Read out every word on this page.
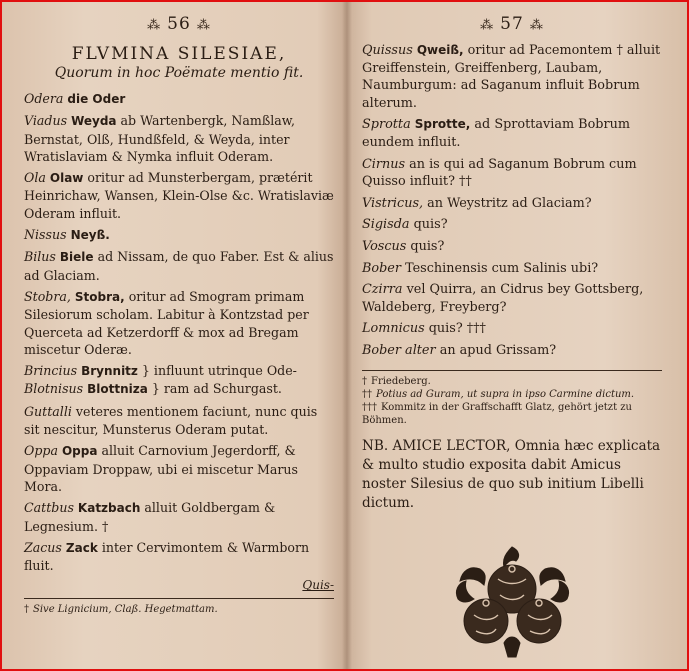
⁂ 56 ⁂
FLVMINA SILESIAE,
Quorum in hoc Poëmate mentio fit.
Odera die Oder
Viadus Weyda ab Wartenbergk, Namßlaw, Bernstat, Olß, Hundßfeld, & Weyda, inter Wratislaviam & Nymka influit Oderam.
Ola Olaw oritur ad Munsterbergam, prætérit Heinrichaw, Wansen, Klein-Olse &c. Wratislaviæ Oderam influit.
Nissus Neyß.
Bilus Biele ad Nissam, de quo Faber. Est & alius ad Glaciam.
Stobra, Stobra, oritur ad Smogram primam Silesiorum scholam. Labitur à Kontzstad per Querceta ad Ketzerdorff & mox ad Bregam miscetur Oderæ.
Brincius Brynnitz } influunt utrinque Ode-
Blotnisus Blottniza } ram ad Schurgast.
Guttalli veteres mentionem faciunt, nunc quis sit nescitur, Munsterus Oderam putat.
Oppa Oppa alluit Carnovium Jegerdorff, & Oppaviam Droppaw, ubi ei miscetur Marus Mora.
Cattbus Katzbach alluit Goldbergam & Legnesium. †
Zacus Zack inter Cervimontem & Warmborn fluit.
Quis-
† Sive Lignicium, Claß. Hegetmattam.
⁂ 57 ⁂
Quissus Qweiß, oritur ad Pacemontem † alluit Greiffenstein, Greiffenberg, Laubam, Naumburgum: ad Saganum influit Bobrum alterum.
Sprotta Sprotte, ad Sprottaviam Bobrum eundem influit.
Cirnus an is qui ad Saganum Bobrum cum Quisso influit? ††
Vistricus, an Weystritz ad Glaciam?
Sigisda quis?
Voscus quis?
Bober Teschinensis cum Salinis ubi?
Czirra vel Quirra, an Cidrus bey Gottsberg, Waldeberg, Freyberg?
Lomnicus quis? †††
Bober alter an apud Grissam?
† Friedeberg.
†† Potius ad Guram, ut supra in ipso Carmine dictum.
††† Kommitz in der Graffschafft Glatz, gehört jetzt zu Böhmen.
NB. AMICE LECTOR, Omnia hæc explicata & multo studio exposita dabit Amicus noster Silesius de quo sub initium Libelli dictum.
